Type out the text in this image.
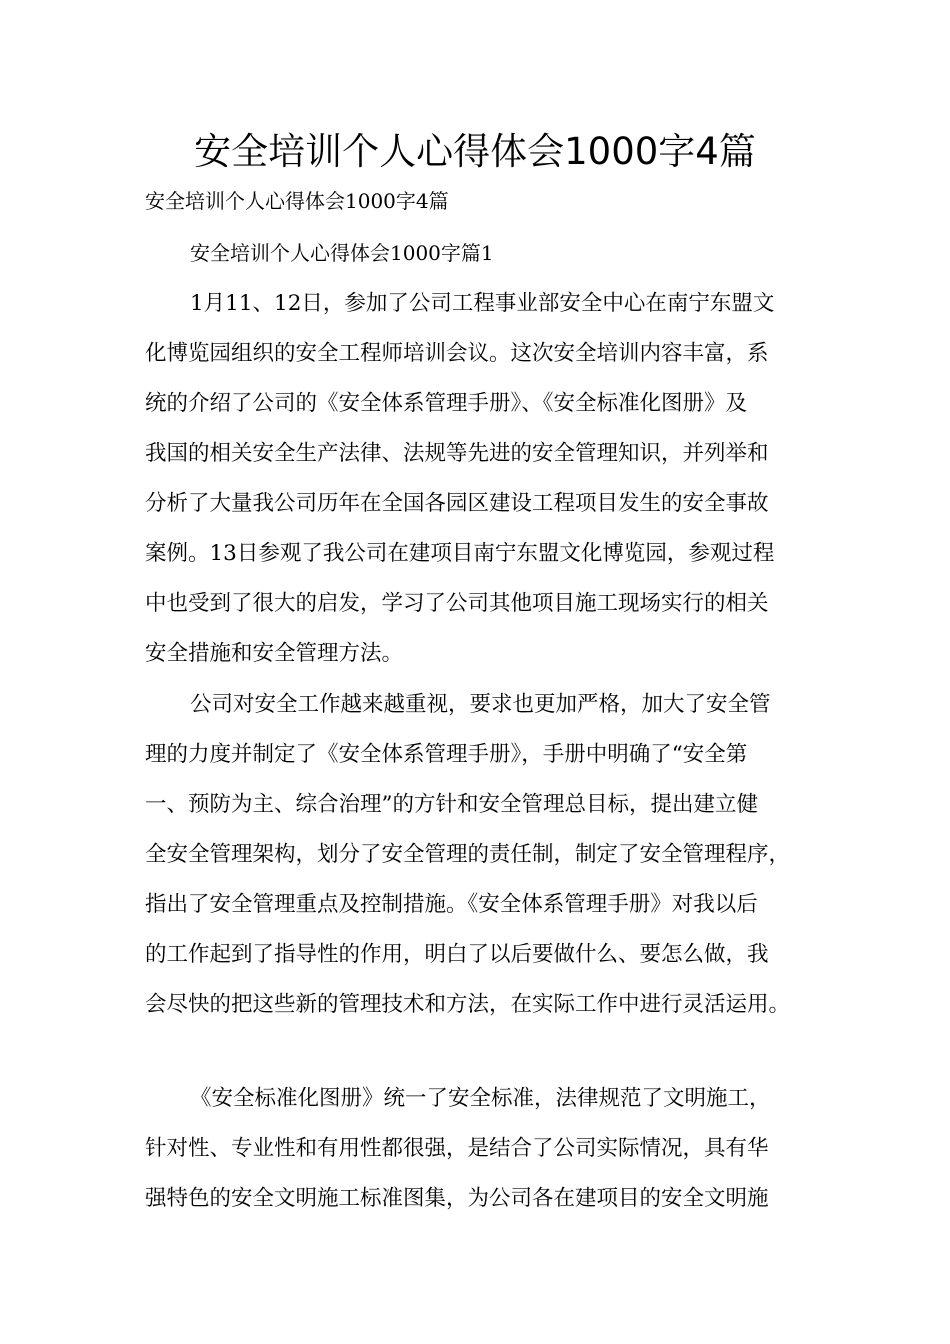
安全培训个人心得体会1000字4篇
安全培训个人心得体会1000字4篇
安全培训个人心得体会1000字篇1
1月11、12日，参加了公司工程事业部安全中心在南宁东盟文
化博览园组织的安全工程师培训会议。这次安全培训内容丰富，系
统的介绍了公司的《安全体系管理手册》、《安全标准化图册》及
我国的相关安全生产法律、法规等先进的安全管理知识，并列举和
分析了大量我公司历年在全国各园区建设工程项目发生的安全事故
案例。13日参观了我公司在建项目南宁东盟文化博览园，参观过程
中也受到了很大的启发，学习了公司其他项目施工现场实行的相关
安全措施和安全管理方法。
公司对安全工作越来越重视，要求也更加严格，加大了安全管
理的力度并制定了《安全体系管理手册》，手册中明确了“安全第
一、预防为主、综合治理”的方针和安全管理总目标，提出建立健
全安全管理架构，划分了安全管理的责任制，制定了安全管理程序，
指出了安全管理重点及控制措施。《安全体系管理手册》对我以后
的工作起到了指导性的作用，明白了以后要做什么、要怎么做，我
会尽快的把这些新的管理技术和方法，在实际工作中进行灵活运用。
《安全标准化图册》统一了安全标准，法律规范了文明施工，
针对性、专业性和有用性都很强，是结合了公司实际情况，具有华
强特色的安全文明施工标准图集，为公司各在建项目的安全文明施
